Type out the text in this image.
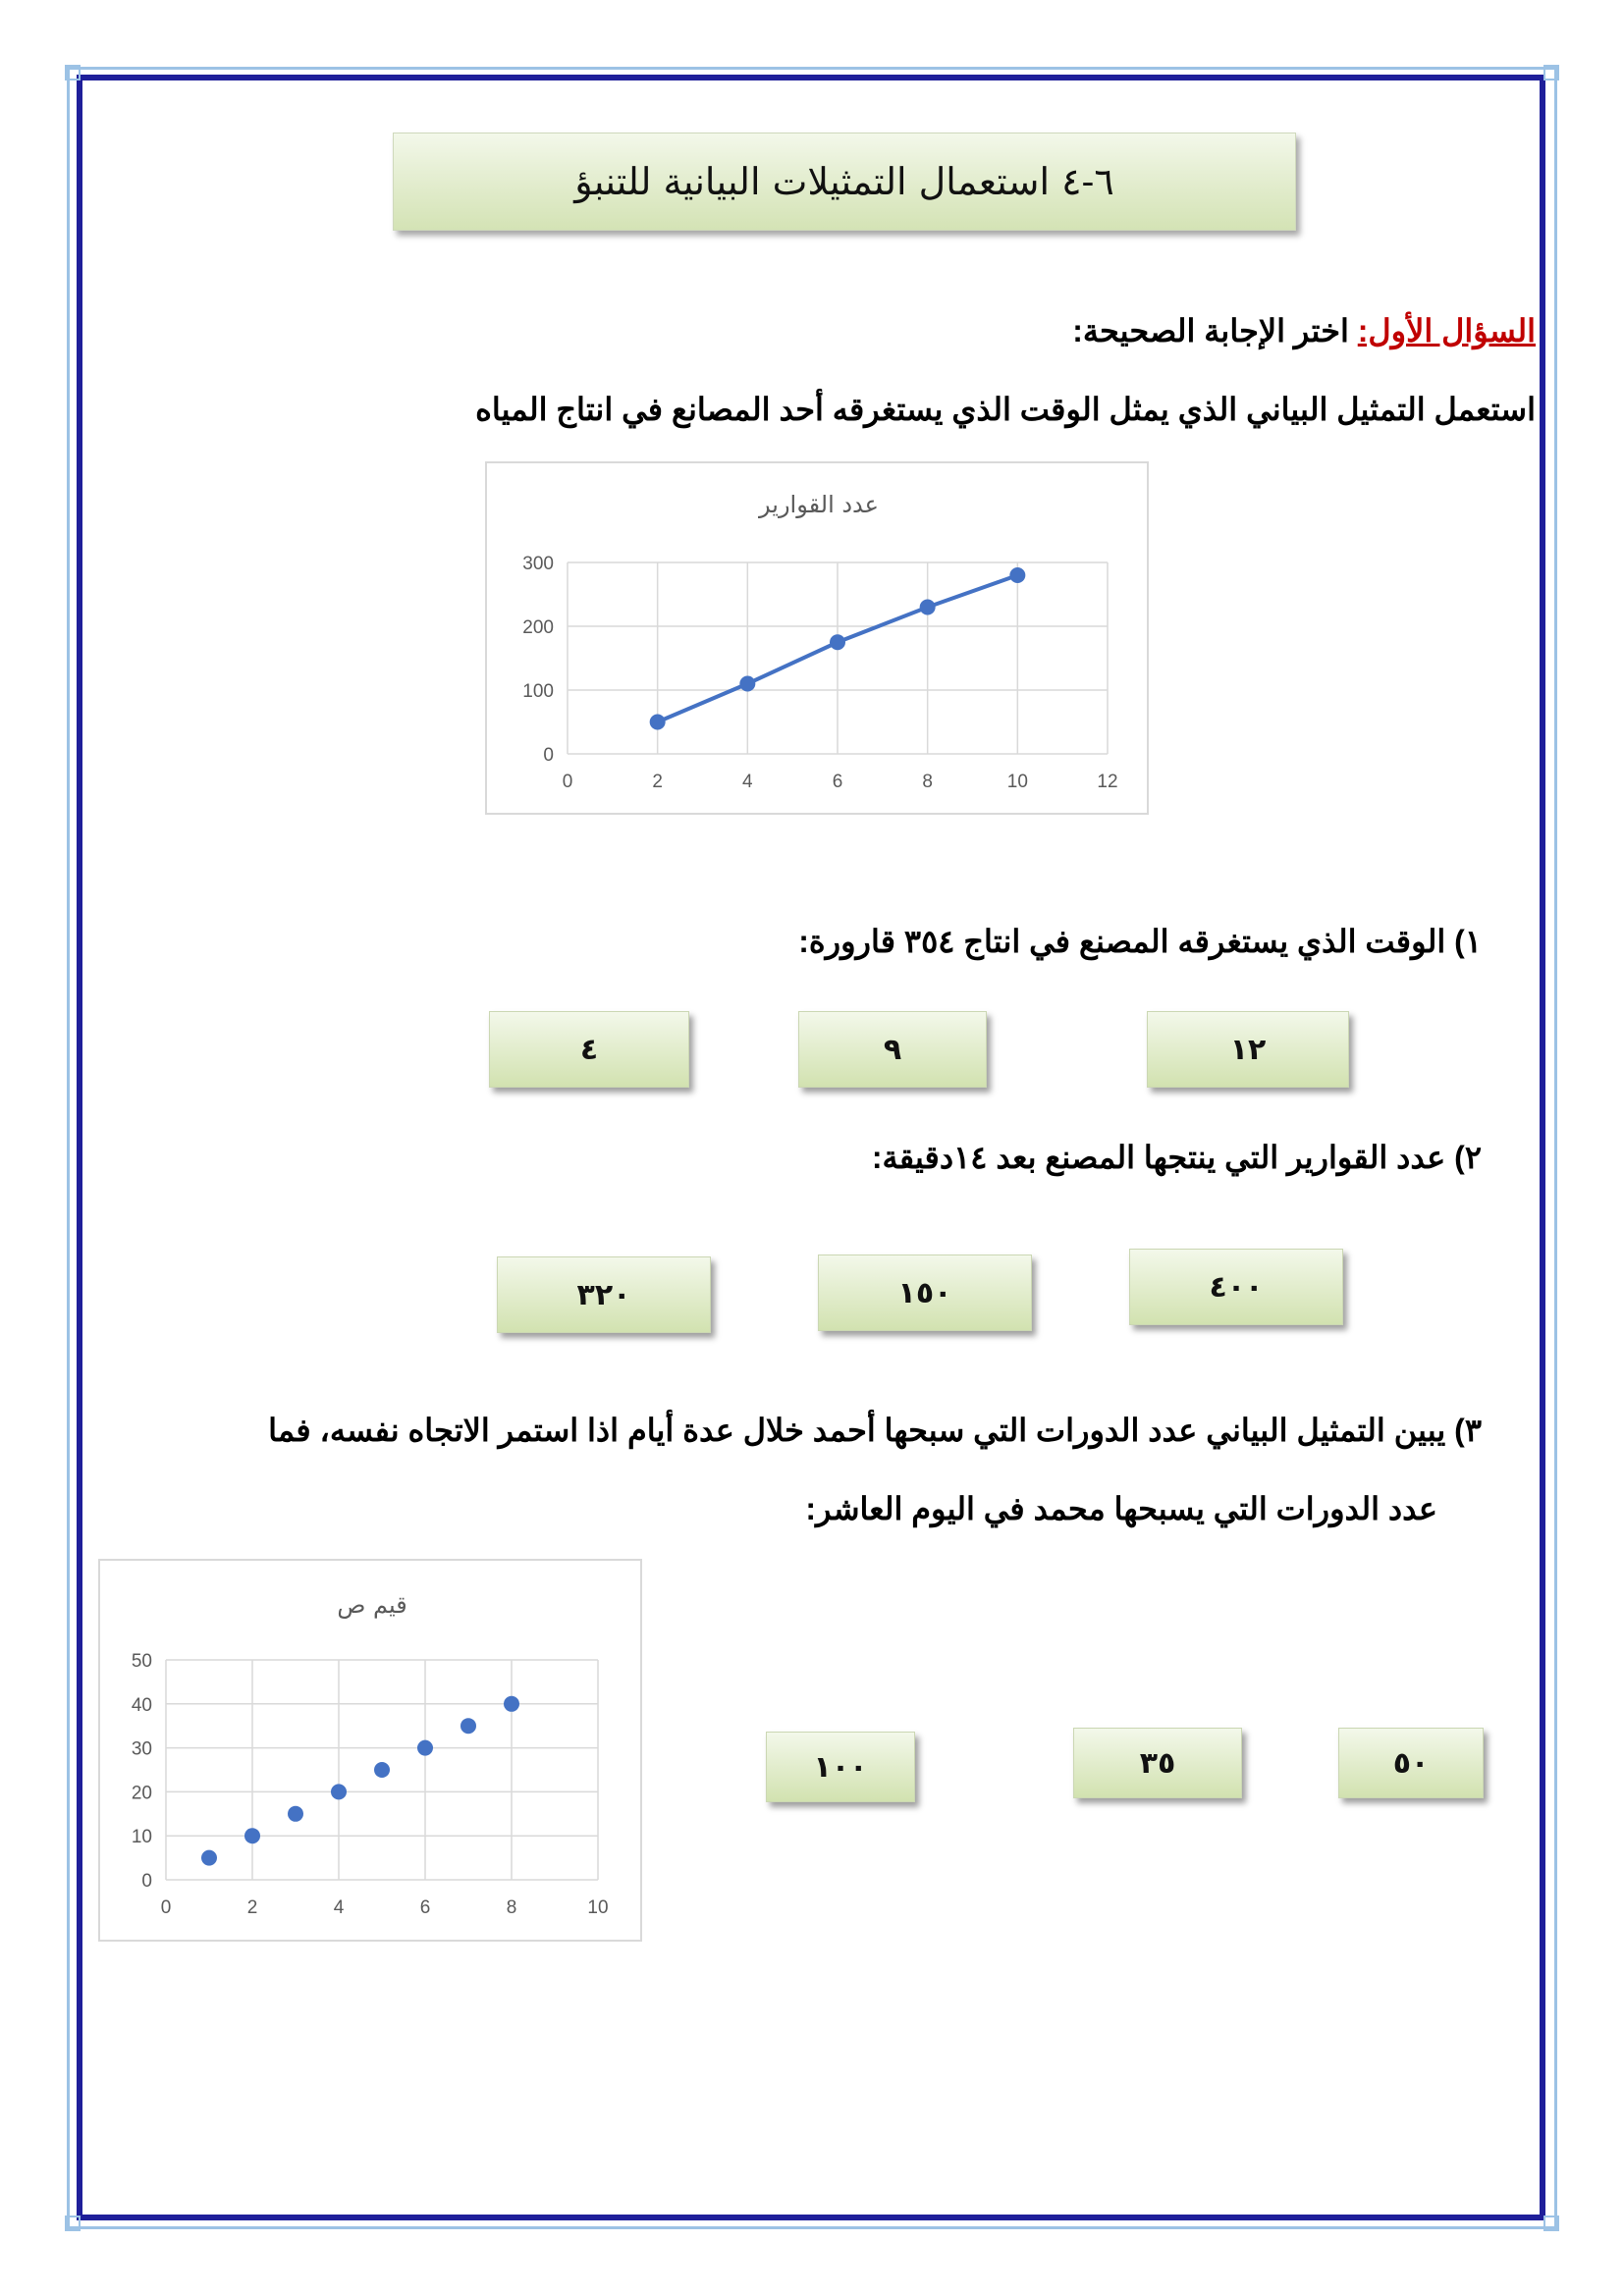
٦-٤ استعمال التمثيلات البيانية للتنبؤ
السؤال الأول: اختر الإجابة الصحيحة:
استعمل التمثيل البياني الذي يمثل الوقت الذي يستغرقه أحد المصانع في انتاج المياه
عدد القوارير
0	2	4	6	8	10	12
0
100
200
300
١) الوقت الذي يستغرقه المصنع في انتاج ٣٥٤ قارورة:
١٢
٩
٤
٢) عدد القوارير التي ينتجها المصنع بعد ١٤دقيقة:
٤٠٠
١٥٠
٣٢٠
٣) يبين التمثيل البياني عدد الدورات التي سبحها أحمد خلال عدة أيام اذا استمر الاتجاه نفسه، فما
عدد الدورات التي يسبحها محمد في اليوم العاشر:
قيم ص
0	2	4	6	8	10
0
10
20
30
40
50
٥٠
٣٥
١٠٠
